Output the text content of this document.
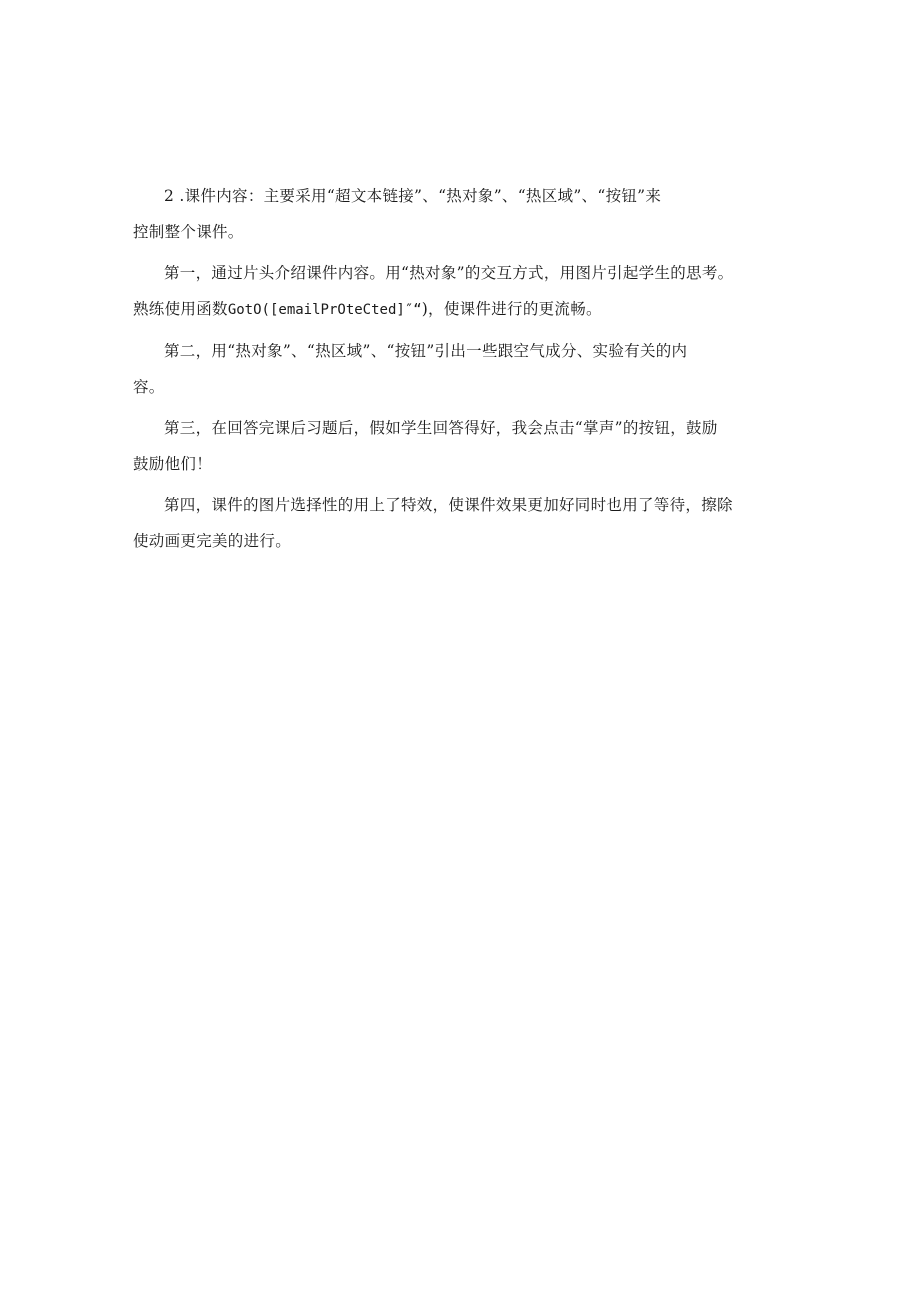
2 .课件内容：主要采用“超文本链接”、“热对象”、“热区域”、“按钮”来
控制整个课件。

第一，通过片头介绍课件内容。用“热对象”的交互方式，用图片引起学生的思考。
熟练使用函数GotO([emailPrOteCted]″“)，使课件进行的更流畅。

第二，用“热对象”、“热区域”、“按钮”引出一些跟空气成分、实验有关的内
容。

第三，在回答完课后习题后，假如学生回答得好，我会点击“掌声”的按钮，鼓励
鼓励他们！

第四，课件的图片选择性的用上了特效，使课件效果更加好同时也用了等待，擦除
使动画更完美的进行。
